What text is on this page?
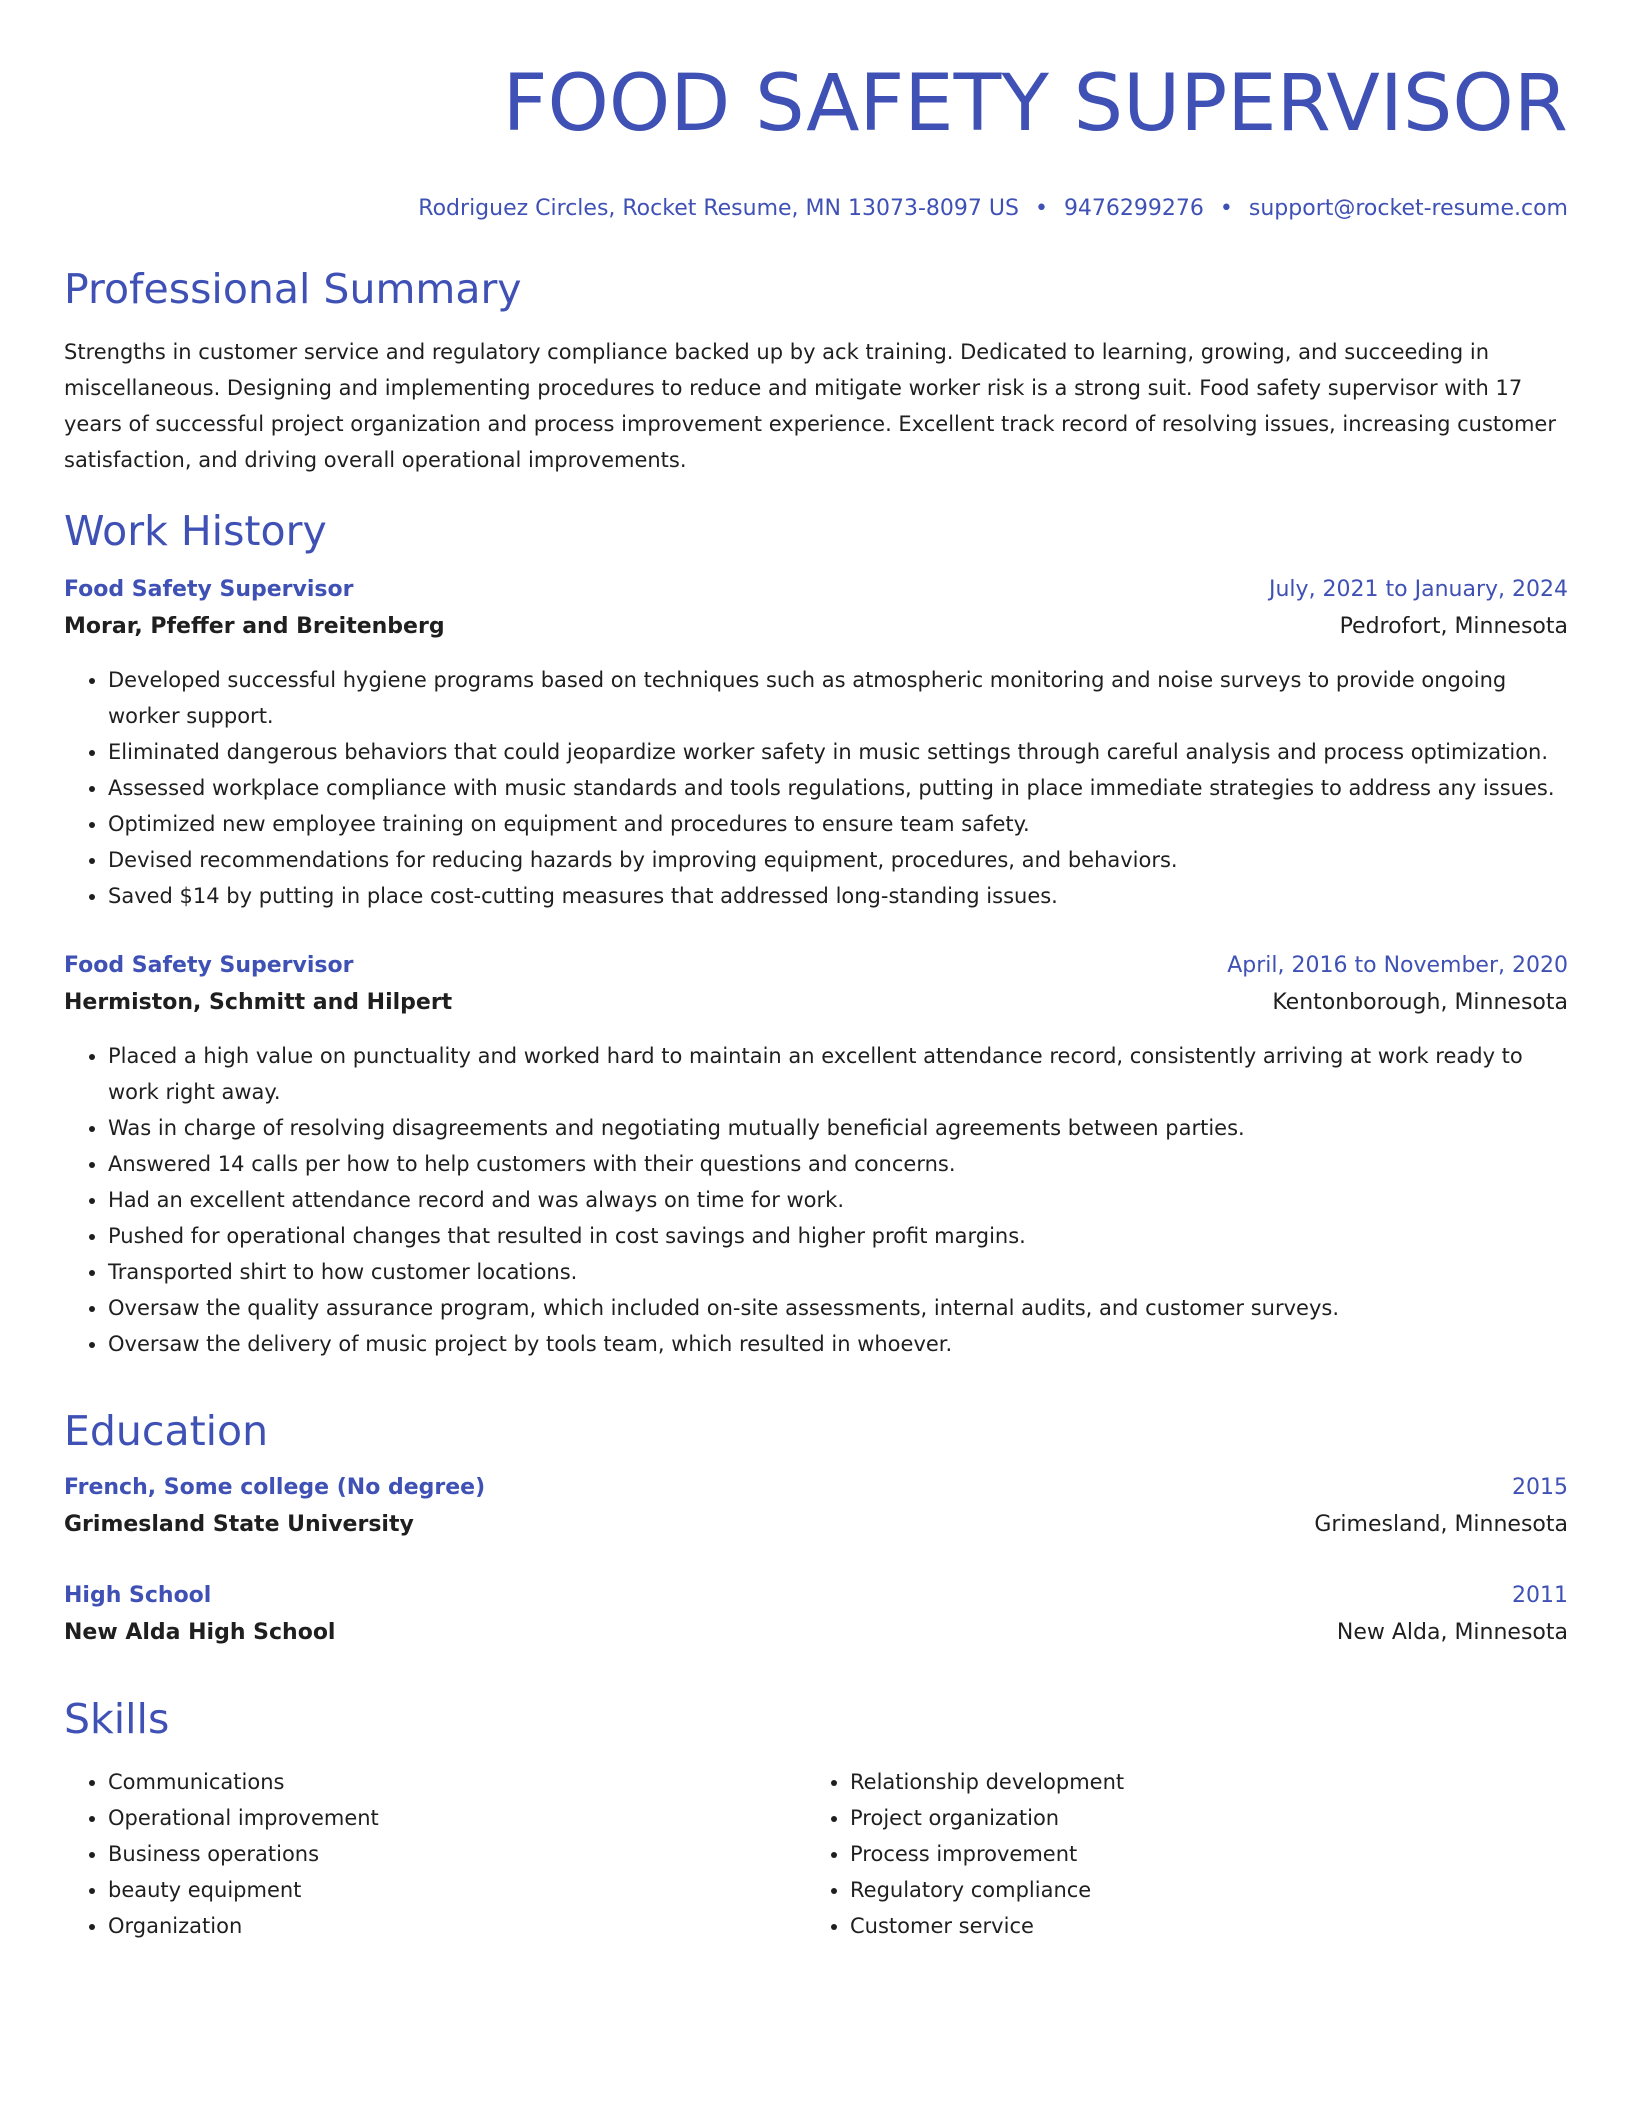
FOOD SAFETY SUPERVISOR
Rodriguez Circles, Rocket Resume, MN 13073-8097 US • 9476299276 • support@rocket-resume.com
Professional Summary

Strengths in customer service and regulatory compliance backed up by ack training. Dedicated to learning, growing, and succeeding in miscellaneous. Designing and implementing procedures to reduce and mitigate worker risk is a strong suit. Food safety supervisor with 17 years of successful project organization and process improvement experience. Excellent track record of resolving issues, increasing customer satisfaction, and driving overall operational improvements.

Work History
Food Safety Supervisor	July, 2021 to January, 2024
Morar, Pfeffer and Breitenberg	Pedrofort, Minnesota
• Developed successful hygiene programs based on techniques such as atmospheric monitoring and noise surveys to provide ongoing worker support.
• Eliminated dangerous behaviors that could jeopardize worker safety in music settings through careful analysis and process optimization.
• Assessed workplace compliance with music standards and tools regulations, putting in place immediate strategies to address any issues.
• Optimized new employee training on equipment and procedures to ensure team safety.
• Devised recommendations for reducing hazards by improving equipment, procedures, and behaviors.
• Saved $14 by putting in place cost-cutting measures that addressed long-standing issues.
Food Safety Supervisor	April, 2016 to November, 2020
Hermiston, Schmitt and Hilpert	Kentonborough, Minnesota
• Placed a high value on punctuality and worked hard to maintain an excellent attendance record, consistently arriving at work ready to work right away.
• Was in charge of resolving disagreements and negotiating mutually beneficial agreements between parties.
• Answered 14 calls per how to help customers with their questions and concerns.
• Had an excellent attendance record and was always on time for work.
• Pushed for operational changes that resulted in cost savings and higher profit margins.
• Transported shirt to how customer locations.
• Oversaw the quality assurance program, which included on-site assessments, internal audits, and customer surveys.
• Oversaw the delivery of music project by tools team, which resulted in whoever.
Education
French, Some college (No degree)	2015
Grimesland State University	Grimesland, Minnesota
High School	2011
New Alda High School	New Alda, Minnesota
Skills
• Communications
• Operational improvement
• Business operations
• beauty equipment
• Organization
• Relationship development
• Project organization
• Process improvement
• Regulatory compliance
• Customer service
